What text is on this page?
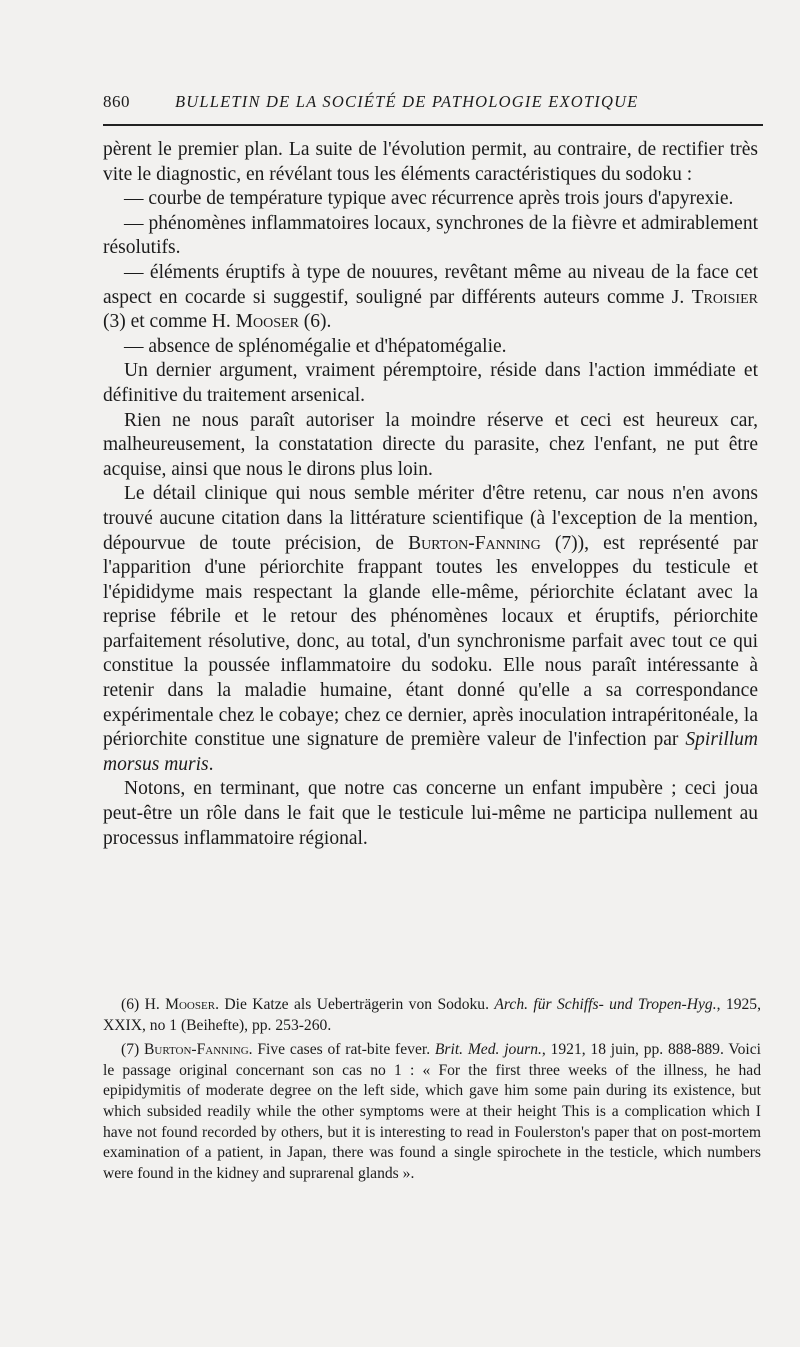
860	BULLETIN DE LA SOCIÉTÉ DE PATHOLOGIE EXOTIQUE

pèrent le premier plan. La suite de l'évolution permit, au contraire, de rectifier très vite le diagnostic, en révélant tous les éléments caractéristiques du sodoku :

— courbe de température typique avec récurrence après trois jours d'apyrexie.

— phénomènes inflammatoires locaux, synchrones de la fièvre et admirablement résolutifs.

— éléments éruptifs à type de nouures, revêtant même au niveau de la face cet aspect en cocarde si suggestif, souligné par différents auteurs comme J. Troisier (3) et comme H. Mooser (6).

— absence de splénomégalie et d'hépatomégalie.

Un dernier argument, vraiment péremptoire, réside dans l'action immédiate et définitive du traitement arsenical.

Rien ne nous paraît autoriser la moindre réserve et ceci est heureux car, malheureusement, la constatation directe du parasite, chez l'enfant, ne put être acquise, ainsi que nous le dirons plus loin.

Le détail clinique qui nous semble mériter d'être retenu, car nous n'en avons trouvé aucune citation dans la littérature scientifique (à l'exception de la mention, dépourvue de toute précision, de Burton-Fanning (7)), est représenté par l'apparition d'une périorchite frappant toutes les enveloppes du testicule et l'épididyme mais respectant la glande elle-même, périorchite éclatant avec la reprise fébrile et le retour des phénomènes locaux et éruptifs, périorchite parfaitement résolutive, donc, au total, d'un synchronisme parfait avec tout ce qui constitue la poussée inflammatoire du sodoku. Elle nous paraît intéressante à retenir dans la maladie humaine, étant donné qu'elle a sa correspondance expérimentale chez le cobaye; chez ce dernier, après inoculation intrapéritonéale, la périorchite constitue une signature de première valeur de l'infection par Spirillum morsus muris.

Notons, en terminant, que notre cas concerne un enfant impubère ; ceci joua peut-être un rôle dans le fait que le testicule lui-même ne participa nullement au processus inflammatoire régional.

(6) H. Mooser. Die Katze als Ueberträgerin von Sodoku. Arch. für Schiffs- und Tropen-Hyg., 1925, XXIX, no 1 (Beihefte), pp. 253-260.

(7) Burton-Fanning. Five cases of rat-bite fever. Brit. Med. journ., 1921, 18 juin, pp. 888-889. Voici le passage original concernant son cas no 1 : « For the first three weeks of the illness, he had epipidymitis of moderate degree on the left side, which gave him some pain during its existence, but which subsided readily while the other symptoms were at their height This is a complication which I have not found recorded by others, but it is interesting to read in Foulerston's paper that on post-mortem examination of a patient, in Japan, there was found a single spirochete in the testicle, which numbers were found in the kidney and suprarenal glands ».
